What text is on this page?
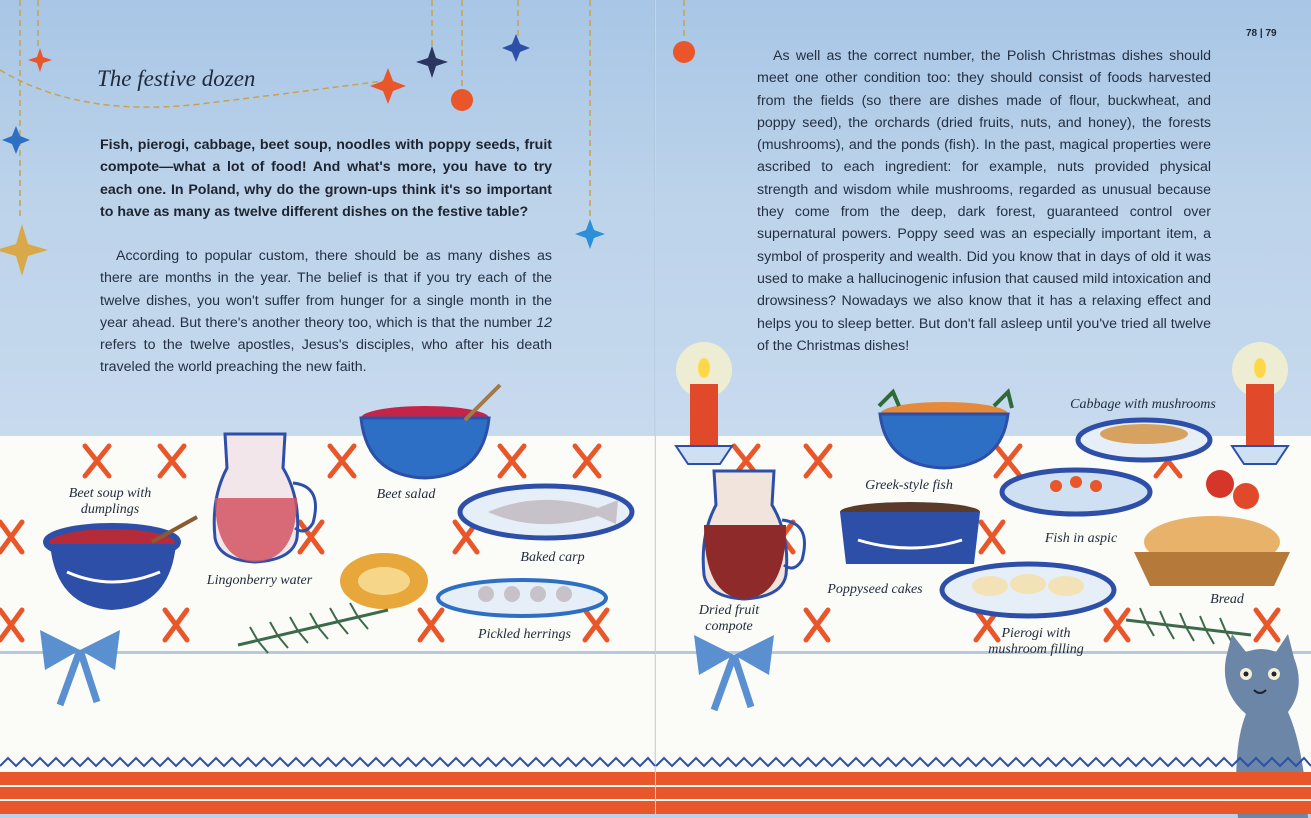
The festive dozen
Fish, pierogi, cabbage, beet soup, noodles with poppy seeds, fruit compote—what a lot of food! And what's more, you have to try each one. In Poland, why do the grown-ups think it's so important to have as many as twelve different dishes on the festive table?
According to popular custom, there should be as many dishes as there are months in the year. The belief is that if you try each of the twelve dishes, you won't suffer from hunger for a single month in the year ahead. But there's another theory too, which is that the number 12 refers to the twelve apostles, Jesus's disciples, who after his death traveled the world preaching the new faith.
Beet soup with dumplings
Lingonberry water
Beet salad
Baked carp
Pickled herrings
78 | 79
As well as the correct number, the Polish Christmas dishes should meet one other condition too: they should consist of foods harvested from the fields (so there are dishes made of flour, buckwheat, and poppy seed), the orchards (dried fruits, nuts, and honey), the forests (mushrooms), and the ponds (fish). In the past, magical properties were ascribed to each ingredient: for example, nuts provided physical strength and wisdom while mushrooms, regarded as unusual because they come from the deep, dark forest, guaranteed control over supernatural powers. Poppy seed was an especially important item, a symbol of prosperity and wealth. Did you know that in days of old it was used to make a hallucinogenic infusion that caused mild intoxication and drowsiness? Nowadays we also know that it has a relaxing effect and helps you to sleep better. But don't fall asleep until you've tried all twelve of the Christmas dishes!
Dried fruit compote
Greek-style fish
Cabbage with mushrooms
Fish in aspic
Poppyseed cakes
Bread
Pierogi with mushroom filling
